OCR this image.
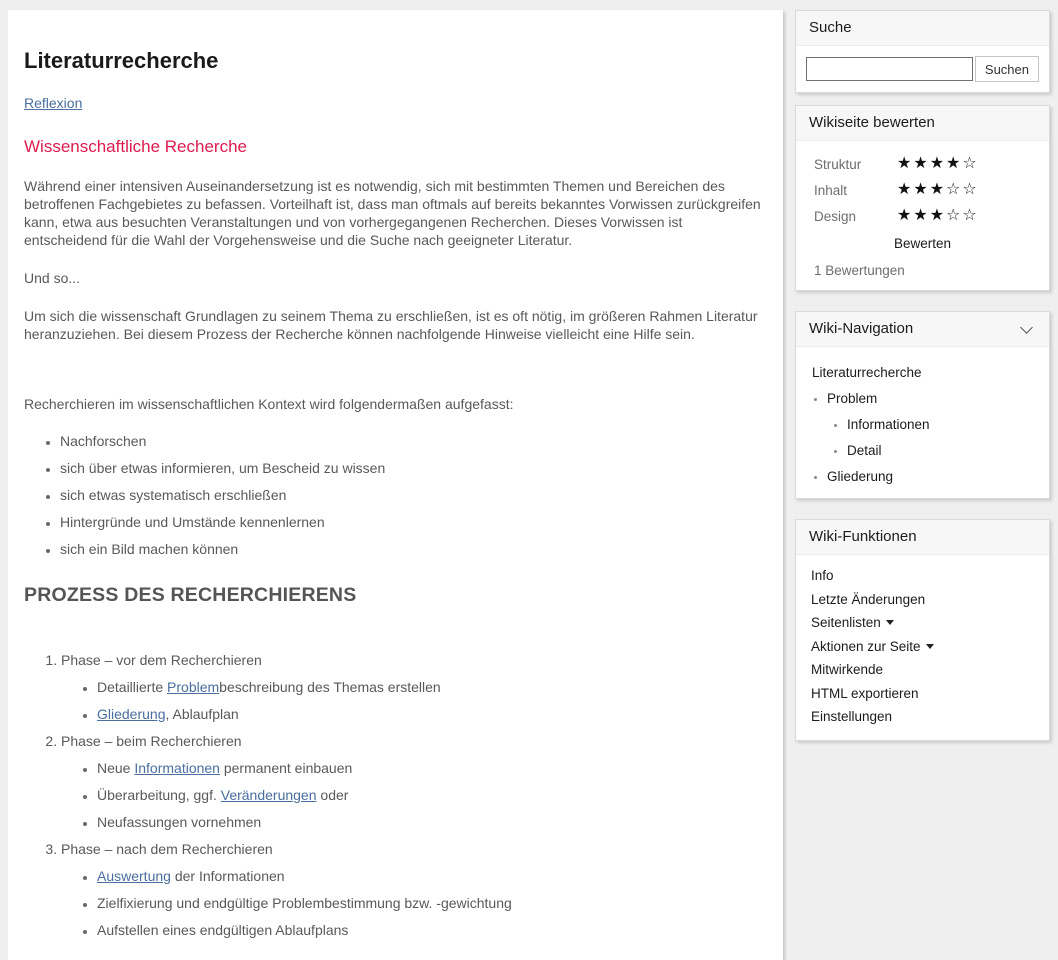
Literaturrecherche

Reflexion

Wissenschaftliche Recherche

Während einer intensiven Auseinandersetzung ist es notwendig, sich mit bestimmten Themen und Bereichen des betroffenen Fachgebietes zu befassen. Vorteilhaft ist, dass man oftmals auf bereits bekanntes Vorwissen zurückgreifen kann, etwa aus besuchten Veranstaltungen und von vorhergegangenen Recherchen. Dieses Vorwissen ist entscheidend für die Wahl der Vorgehensweise und die Suche nach geeigneter Literatur.

Und so...

Um sich die wissenschaft Grundlagen zu seinem Thema zu erschließen, ist es oft nötig, im größeren Rahmen Literatur heranzuziehen. Bei diesem Prozess der Recherche können nachfolgende Hinweise vielleicht eine Hilfe sein.

Recherchieren im wissenschaftlichen Kontext wird folgendermaßen aufgefasst:

• Nachforschen
• sich über etwas informieren, um Bescheid zu wissen
• sich etwas systematisch erschließen
• Hintergründe und Umstände kennenlernen
• sich ein Bild machen können
PROZESS DES RECHERCHIERENS
1. Phase – vor dem Recherchieren
• Detaillierte Problembeschreibung des Themas erstellen
• Gliederung, Ablaufplan
2. Phase – beim Recherchieren
• Neue Informationen permanent einbauen
• Überarbeitung, ggf. Veränderungen oder
• Neufassungen vornehmen
3. Phase – nach dem Recherchieren
• Auswertung der Informationen
• Zielfixierung und endgültige Problembestimmung bzw. -gewichtung
• Aufstellen eines endgültigen Ablaufplans
Suche
Suchen
Wikiseite bewerten
Struktur	★★★★☆
Inhalt	★★★☆☆
Design	★★★☆☆
Bewerten
1 Bewertungen
Wiki-Navigation
Literaturrecherche
• Problem
• Informationen
• Detail
• Gliederung
Wiki-Funktionen
Info
Letzte Änderungen
Seitenlisten
Aktionen zur Seite
Mitwirkende
HTML exportieren
Einstellungen
